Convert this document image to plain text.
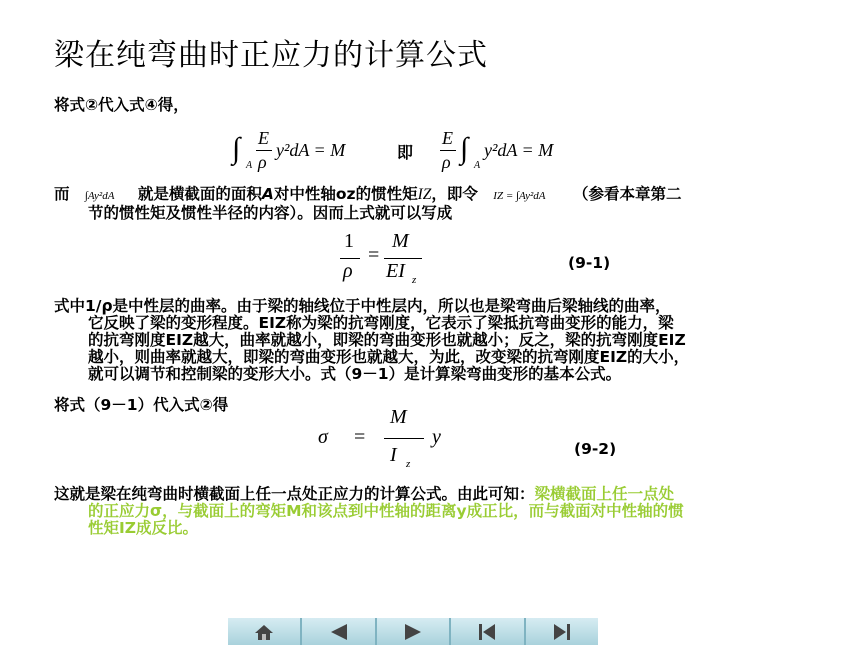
梁在纯弯曲时正应力的计算公式
将式②代入式④得，
∫
A
E
ρ
y²dA = M	即
E
ρ ∫
A
y²dA = M
而 ∫Ay²dA 就是横截面的面积A对中性轴oz的惯性矩IZ，即令 IZ = ∫Ay²dA （参看本章第二
节的惯性矩及惯性半径的内容）。因而上式就可以写成
1
ρ
=
M
EI z
(9-1)
式中1/ρ是中性层的曲率。由于梁的轴线位于中性层内，所以也是梁弯曲后梁轴线的曲率，
它反映了梁的变形程度。EIZ称为梁的抗弯刚度，它表示了梁抵抗弯曲变形的能力，梁
的抗弯刚度EIZ越大，曲率就越小，即梁的弯曲变形也就越小；反之，梁的抗弯刚度EIZ
越小，则曲率就越大，即梁的弯曲变形也就越大，为此，改变梁的抗弯刚度EIZ的大小，
就可以调节和控制梁的变形大小。式（9－1）是计算梁弯曲变形的基本公式。
将式（9－1）代入式②得
σ =
M
I z
y
(9-2)
这就是梁在纯弯曲时横截面上任一点处正应力的计算公式。由此可知：梁横截面上任一点处
的正应力σ，与截面上的弯矩M和该点到中性轴的距离y成正比，而与截面对中性轴的惯
性矩IZ成反比。
